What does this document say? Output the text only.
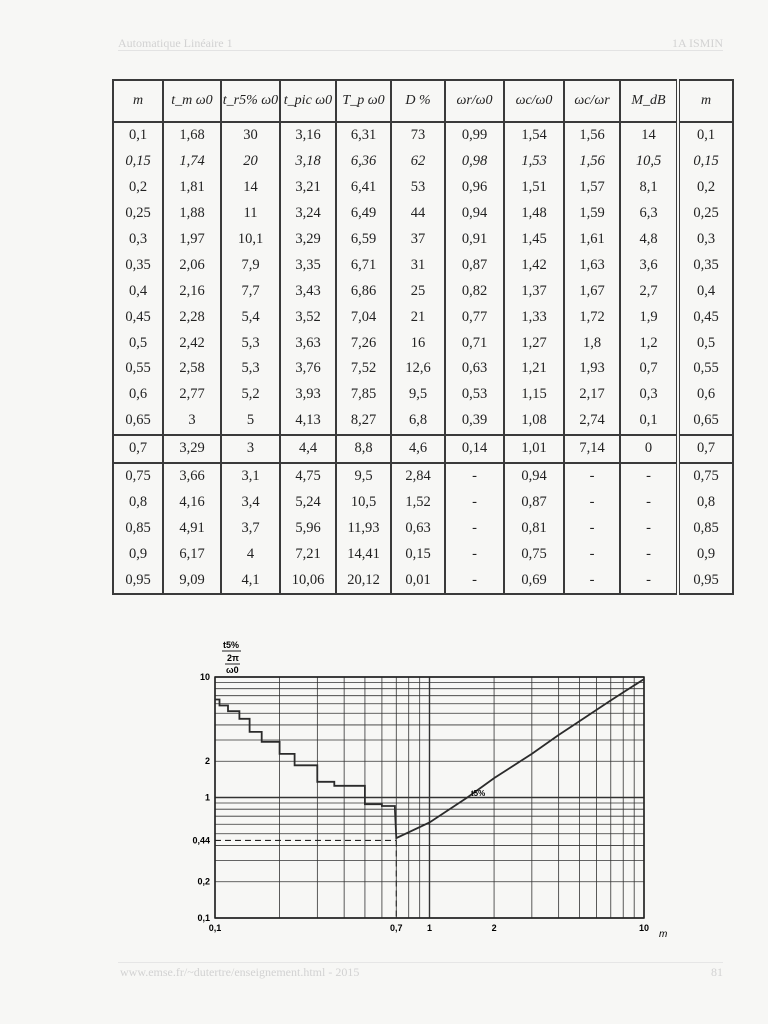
Automatique Linéaire 1	1A ISMIN
m	t_m ω0	t_r5% ω0	t_pic ω0	T_p ω0	D %	ωr/ω0	ωc/ω0	ωc/ωr	M_dB	m
0,1	1,68	30	3,16	6,31	73	0,99	1,54	1,56	14	0,1
0,15	1,74	20	3,18	6,36	62	0,98	1,53	1,56	10,5	0,15
0,2	1,81	14	3,21	6,41	53	0,96	1,51	1,57	8,1	0,2
0,25	1,88	11	3,24	6,49	44	0,94	1,48	1,59	6,3	0,25
0,3	1,97	10,1	3,29	6,59	37	0,91	1,45	1,61	4,8	0,3
0,35	2,06	7,9	3,35	6,71	31	0,87	1,42	1,63	3,6	0,35
0,4	2,16	7,7	3,43	6,86	25	0,82	1,37	1,67	2,7	0,4
0,45	2,28	5,4	3,52	7,04	21	0,77	1,33	1,72	1,9	0,45
0,5	2,42	5,3	3,63	7,26	16	0,71	1,27	1,8	1,2	0,5
0,55	2,58	5,3	3,76	7,52	12,6	0,63	1,21	1,93	0,7	0,55
0,6	2,77	5,2	3,93	7,85	9,5	0,53	1,15	2,17	0,3	0,6
0,65	3	5	4,13	8,27	6,8	0,39	1,08	2,74	0,1	0,65
0,7	3,29	3	4,4	8,8	4,6	0,14	1,01	7,14	0	0,7
0,75	3,66	3,1	4,75	9,5	2,84	-	0,94	-	-	0,75
0,8	4,16	3,4	5,24	10,5	1,52	-	0,87	-	-	0,8
0,85	4,91	3,7	5,96	11,93	0,63	-	0,81	-	-	0,85
0,9	6,17	4	7,21	14,41	0,15	-	0,75	-	-	0,9
0,95	9,09	4,1	10,06	20,12	0,01	-	0,69	-	-	0,95
10
2
1
0,44
0,2
0,1
0,1	0,7	1	2	10
t5%
2π
ω0
m
t5%
www.emse.fr/~dutertre/enseignement.html - 2015	81
